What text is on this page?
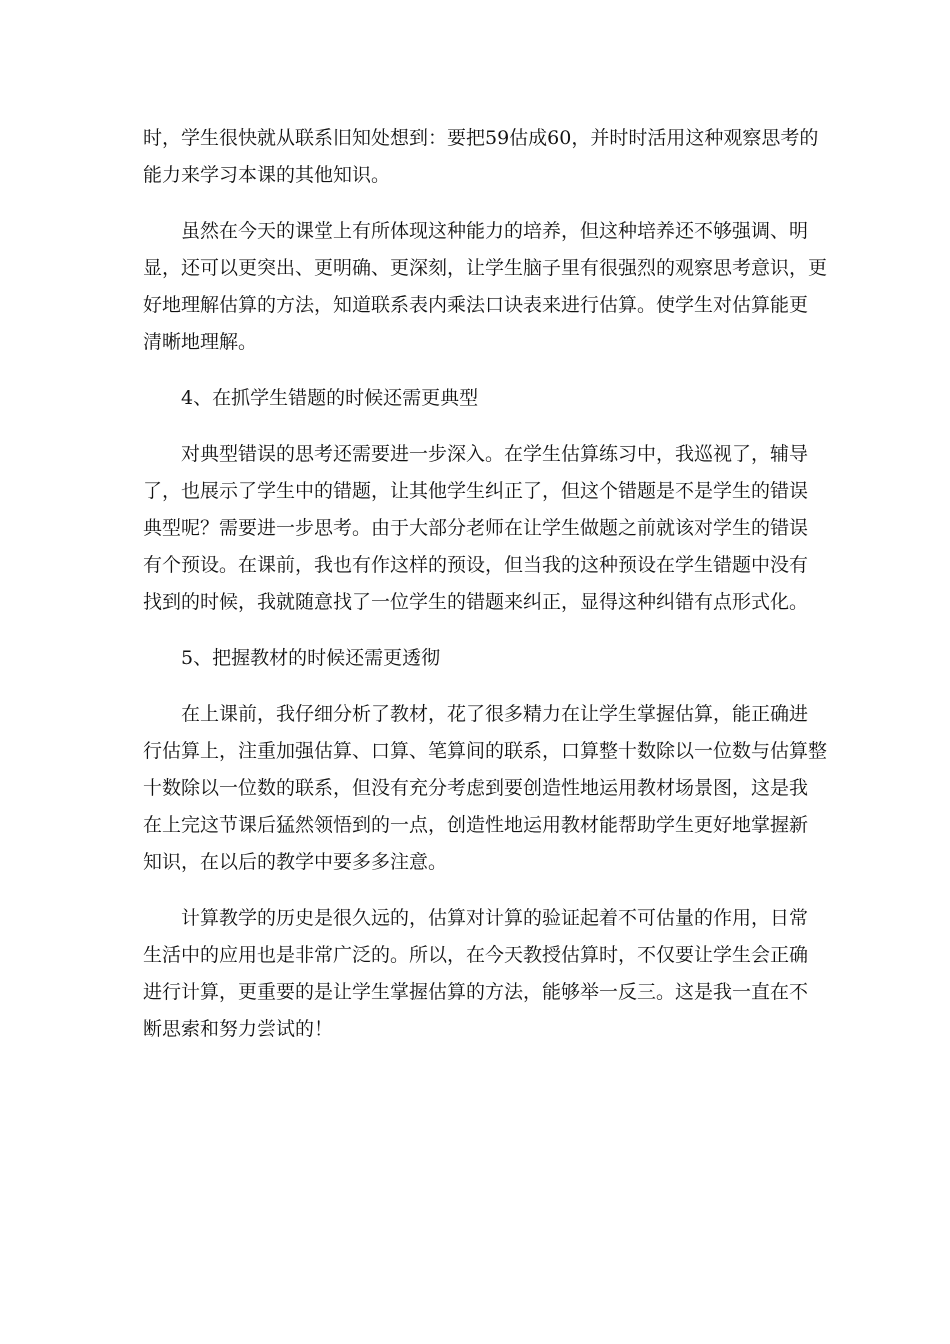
时，学生很快就从联系旧知处想到：要把59估成60，并时时活用这种观察思考的
能力来学习本课的其他知识。
虽然在今天的课堂上有所体现这种能力的培养，但这种培养还不够强调、明
显，还可以更突出、更明确、更深刻，让学生脑子里有很强烈的观察思考意识，更
好地理解估算的方法，知道联系表内乘法口诀表来进行估算。使学生对估算能更
清晰地理解。
4、在抓学生错题的时候还需更典型
对典型错误的思考还需要进一步深入。在学生估算练习中，我巡视了，辅导
了，也展示了学生中的错题，让其他学生纠正了，但这个错题是不是学生的错误
典型呢？需要进一步思考。由于大部分老师在让学生做题之前就该对学生的错误
有个预设。在课前，我也有作这样的预设，但当我的这种预设在学生错题中没有
找到的时候，我就随意找了一位学生的错题来纠正，显得这种纠错有点形式化。
5、把握教材的时候还需更透彻
在上课前，我仔细分析了教材，花了很多精力在让学生掌握估算，能正确进
行估算上，注重加强估算、口算、笔算间的联系，口算整十数除以一位数与估算整
十数除以一位数的联系，但没有充分考虑到要创造性地运用教材场景图，这是我
在上完这节课后猛然领悟到的一点，创造性地运用教材能帮助学生更好地掌握新
知识，在以后的教学中要多多注意。
计算教学的历史是很久远的，估算对计算的验证起着不可估量的作用，日常
生活中的应用也是非常广泛的。所以，在今天教授估算时，不仅要让学生会正确
进行计算，更重要的是让学生掌握估算的方法，能够举一反三。这是我一直在不
断思索和努力尝试的！
